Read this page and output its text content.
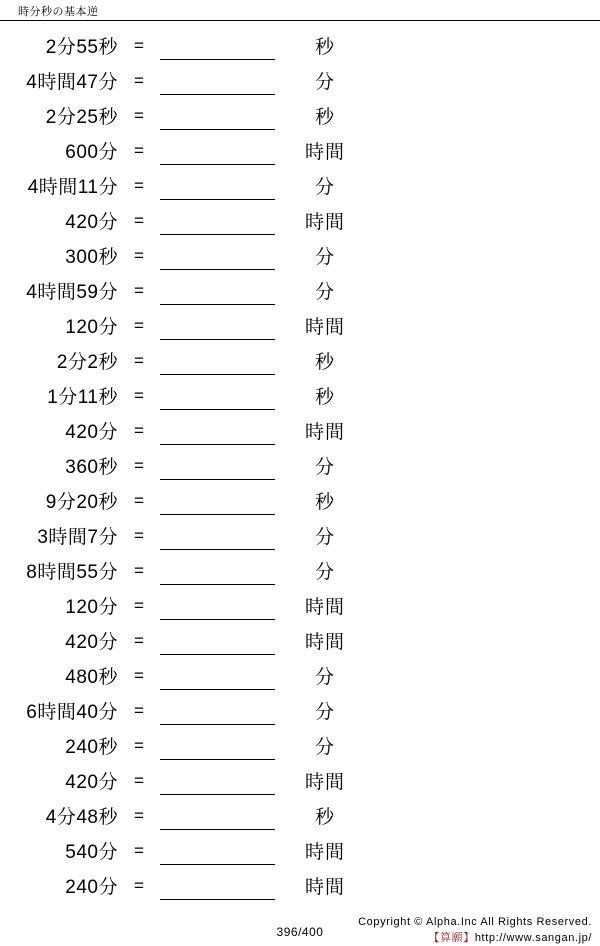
時分秒の基本逆
2分55秒 =	秒
4時間47分 =	分
2分25秒 =	秒
600分 =	時間
4時間11分 =	分
420分 =	時間
300秒 =	分
4時間59分 =	分
120分 =	時間
2分2秒 =	秒
1分11秒 =	秒
420分 =	時間
360秒 =	分
9分20秒 =	秒
3時間7分 =	分
8時間55分 =	分
120分 =	時間
420分 =	時間
480秒 =	分
6時間40分 =	分
240秒 =	分
420分 =	時間
4分48秒 =	秒
540分 =	時間
240分 =	時間
396/400
Copyright © Alpha.Inc All Rights Reserved.
【算願】http://www.sangan.jp/
